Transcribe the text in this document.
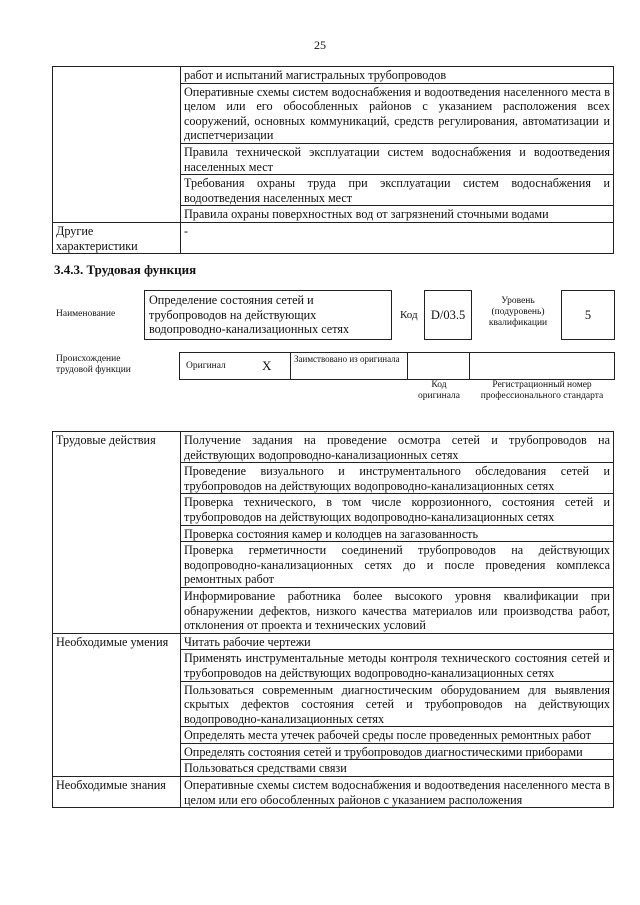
25
	работ и испытаний магистральных трубопроводов
	Оперативные схемы систем водоснабжения и водоотведения населенного места в целом или его обособленных районов с указанием расположения всех сооружений, основных коммуникаций, средств регулирования, автоматизации и диспетчеризации
	Правила технической эксплуатации систем водоснабжения и водоотведения населенных мест
	Требования охраны труда при эксплуатации систем водоснабжения и водоотведения населенных мест
	Правила охраны поверхностных вод от загрязнений сточными водами
Другие характеристики	-
3.4.3. Трудовая функция
Наименование
Определение состояния сетей и трубопроводов на действующих водопроводно-канализационных сетях
Код	D/03.5
Уровень (подуровень) квалификации
5
Происхождение трудовой функции	Оригинал	X	Заимствовано из оригинала
Код оригинала
Регистрационный номер профессионального стандарта
Трудовые действия	Получение задания на проведение осмотра сетей и трубопроводов на действующих водопроводно-канализационных сетях
	Проведение визуального и инструментального обследования сетей и трубопроводов на действующих водопроводно-канализационных сетях
	Проверка технического, в том числе коррозионного, состояния сетей и трубопроводов на действующих водопроводно-канализационных сетях
	Проверка состояния камер и колодцев на загазованность
	Проверка герметичности соединений трубопроводов на действующих водопроводно-канализационных сетях до и после проведения комплекса ремонтных работ
	Информирование работника более высокого уровня квалификации при обнаружении дефектов, низкого качества материалов или производства работ, отклонения от проекта и технических условий
Необходимые умения	Читать рабочие чертежи
	Применять инструментальные методы контроля технического состояния сетей и трубопроводов на действующих водопроводно-канализационных сетях
	Пользоваться современным диагностическим оборудованием для выявления скрытых дефектов состояния сетей и трубопроводов на действующих водопроводно-канализационных сетях
	Определять места утечек рабочей среды после проведенных ремонтных работ
	Определять состояния сетей и трубопроводов диагностическими приборами
	Пользоваться средствами связи
Необходимые знания	Оперативные схемы систем водоснабжения и водоотведения населенного места в целом или его обособленных районов с указанием расположения
